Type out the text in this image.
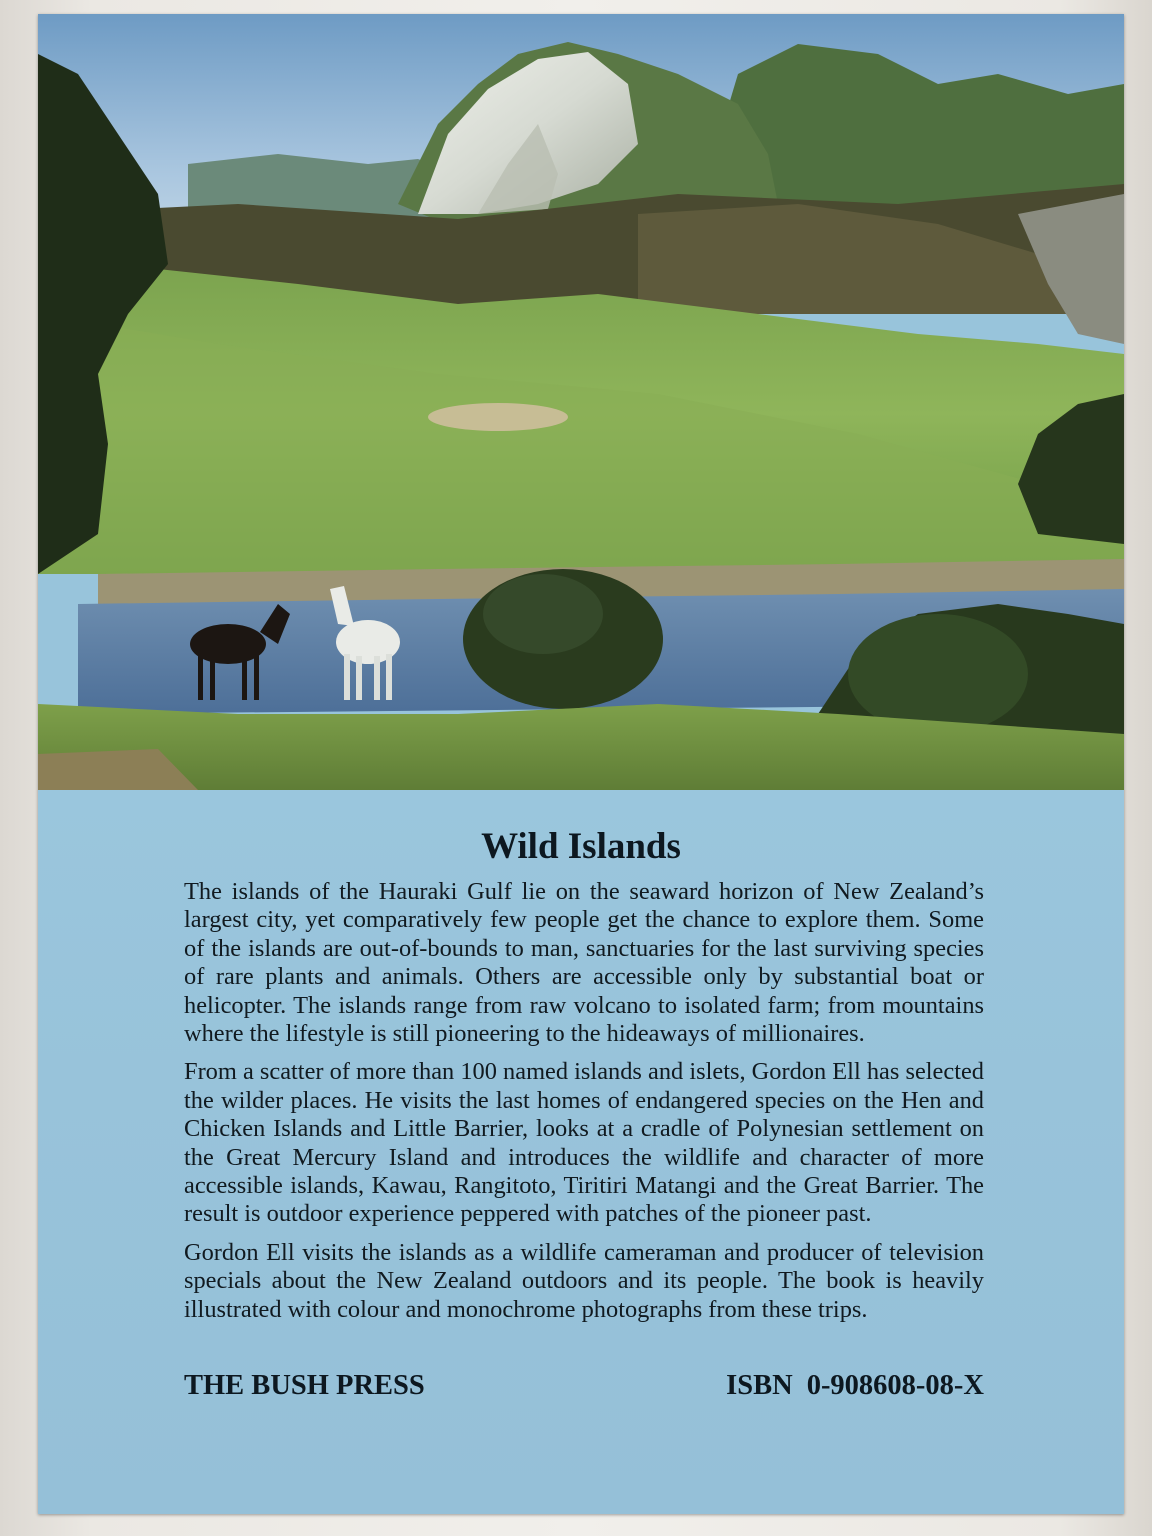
Wild Islands

The islands of the Hauraki Gulf lie on the seaward horizon of New Zealand’s largest city, yet comparatively few people get the chance to explore them. Some of the islands are out-of-bounds to man, sanctuaries for the last surviving species of rare plants and animals. Others are accessible only by substantial boat or helicopter. The islands range from raw volcano to isolated farm; from mountains where the lifestyle is still pioneering to the hideaways of millionaires.

From a scatter of more than 100 named islands and islets, Gordon Ell has selected the wilder places. He visits the last homes of endangered species on the Hen and Chicken Islands and Little Barrier, looks at a cradle of Polynesian settlement on the Great Mercury Island and introduces the wildlife and character of more accessible islands, Kawau, Rangitoto, Tiritiri Matangi and the Great Barrier. The result is outdoor experience peppered with patches of the pioneer past.

Gordon Ell visits the islands as a wildlife cameraman and producer of television specials about the New Zealand outdoors and its people. The book is heavily illustrated with colour and monochrome photographs from these trips.

THE BUSH PRESS	ISBN 0-908608-08-X
